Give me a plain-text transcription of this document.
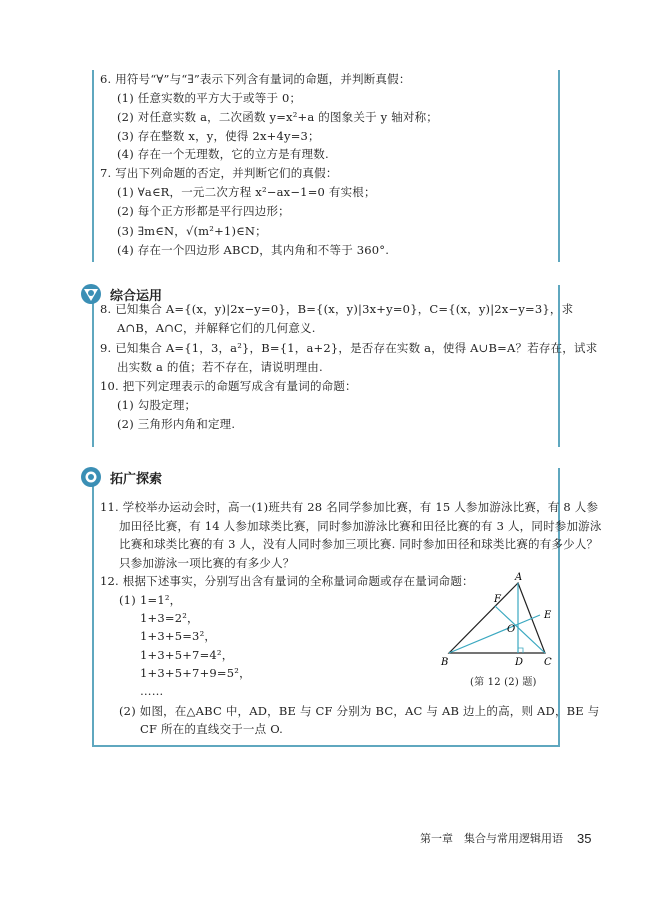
6. 用符号“∀”与“∃”表示下列含有量词的命题，并判断真假：
(1) 任意实数的平方大于或等于 0；
(2) 对任意实数 a，二次函数 y=x²+a 的图象关于 y 轴对称；
(3) 存在整数 x，y，使得 2x+4y=3；
(4) 存在一个无理数，它的立方是有理数.
7. 写出下列命题的否定，并判断它们的真假：
(1) ∀a∈R，一元二次方程 x²−ax−1=0 有实根；
(2) 每个正方形都是平行四边形；
(3) ∃m∈N，√(m²+1)∈N；
(4) 存在一个四边形 ABCD，其内角和不等于 360°.
综合运用
8. 已知集合 A={(x，y)|2x−y=0}，B={(x，y)|3x+y=0}，C={(x，y)|2x−y=3}，求
A∩B，A∩C，并解释它们的几何意义.
9. 已知集合 A={1，3，a²}，B={1，a+2}，是否存在实数 a，使得 A∪B=A？若存在，试求
出实数 a 的值；若不存在，请说明理由.
10. 把下列定理表示的命题写成含有量词的命题：
(1) 勾股定理；
(2) 三角形内角和定理.
拓广探索
11. 学校举办运动会时，高一(1)班共有 28 名同学参加比赛，有 15 人参加游泳比赛，有 8 人参
加田径比赛，有 14 人参加球类比赛，同时参加游泳比赛和田径比赛的有 3 人，同时参加游泳
比赛和球类比赛的有 3 人，没有人同时参加三项比赛. 同时参加田径和球类比赛的有多少人？
只参加游泳一项比赛的有多少人？
12. 根据下述事实，分别写出含有量词的全称量词命题或存在量词命题：
(1) 1=1²，
1+3=2²，
1+3+5=3²，
1+3+5+7=4²，
1+3+5+7+9=5²，
……
(2) 如图，在△ABC 中，AD，BE 与 CF 分别为 BC，AC 与 AB 边上的高，则 AD，BE 与
CF 所在的直线交于一点 O.
A
B	C
D
E
F
O
(第 12 (2) 题)
第一章　集合与常用逻辑用语 35
